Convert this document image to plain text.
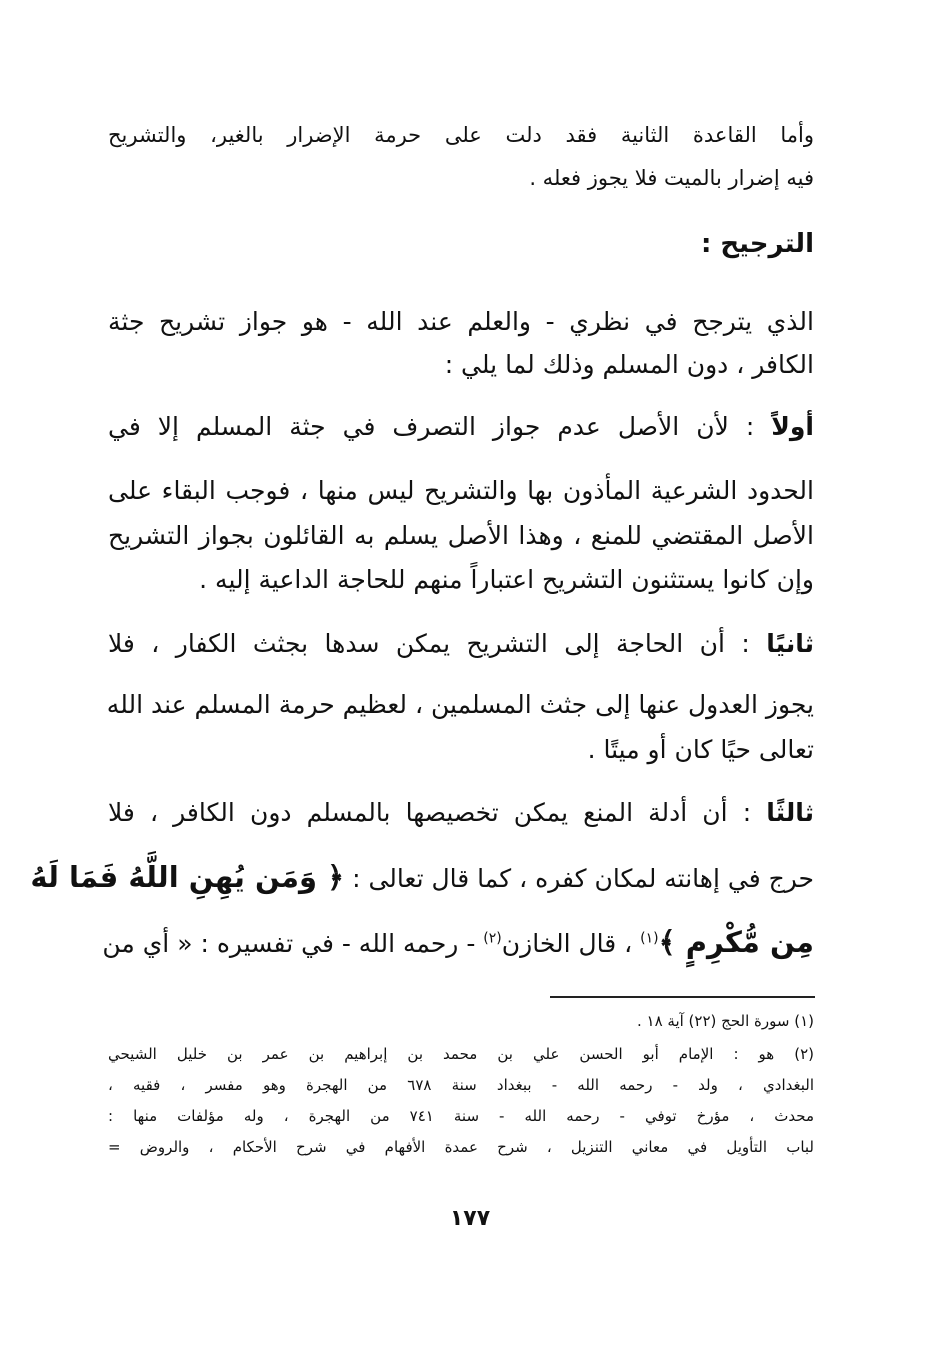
وأما القاعدة الثانية فقد دلت على حرمة الإضرار بالغير، والتشريح
فيه إضرار بالميت فلا يجوز فعله .
الترجيح :
الذي يترجح في نظري - والعلم عند الله - هو جواز تشريح جثة
الكافر ، دون المسلم وذلك لما يلي :
أولاً : لأن الأصل عدم جواز التصرف في جثة المسلم إلا في
الحدود الشرعية المأذون بها والتشريح ليس منها ، فوجب البقاء على
الأصل المقتضي للمنع ، وهذا الأصل يسلم به القائلون بجواز التشريح
وإن كانوا يستثنون التشريح اعتباراً منهم للحاجة الداعية إليه .
ثانيًا : أن الحاجة إلى التشريح يمكن سدها بجثث الكفار ، فلا
يجوز العدول عنها إلى جثث المسلمين ، لعظيم حرمة المسلم عند الله
تعالى حيًا كان أو ميتًا .
ثالثًا : أن أدلة المنع يمكن تخصيصها بالمسلم دون الكافر ، فلا
حرج في إهانته لمكان كفره ، كما قال تعالى : ﴿ وَمَن يُهِنِ اللَّهُ فَمَا لَهُ
مِن مُّكْرِمٍ ﴾$^{(١)}$ ، قال الخازن$^{(٢)}$ - رحمه الله - في تفسيره : « أي من
(١) سورة الحج (٢٢) آية ١٨ .
(٢) هو : الإمام أبو الحسن علي بن محمد بن إبراهيم بن عمر بن خليل الشيحي
البغدادي ، ولد - رحمه الله - ببغداد سنة ٦٧٨ من الهجرة وهو مفسر ، فقيه ،
محدث ، مؤرخ توفي - رحمه الله - سنة ٧٤١ من الهجرة ، وله مؤلفات منها :
لباب التأويل في معاني التنزيل ، شرح عمدة الأفهام في شرح الأحكام ، والروض =
١٧٧
